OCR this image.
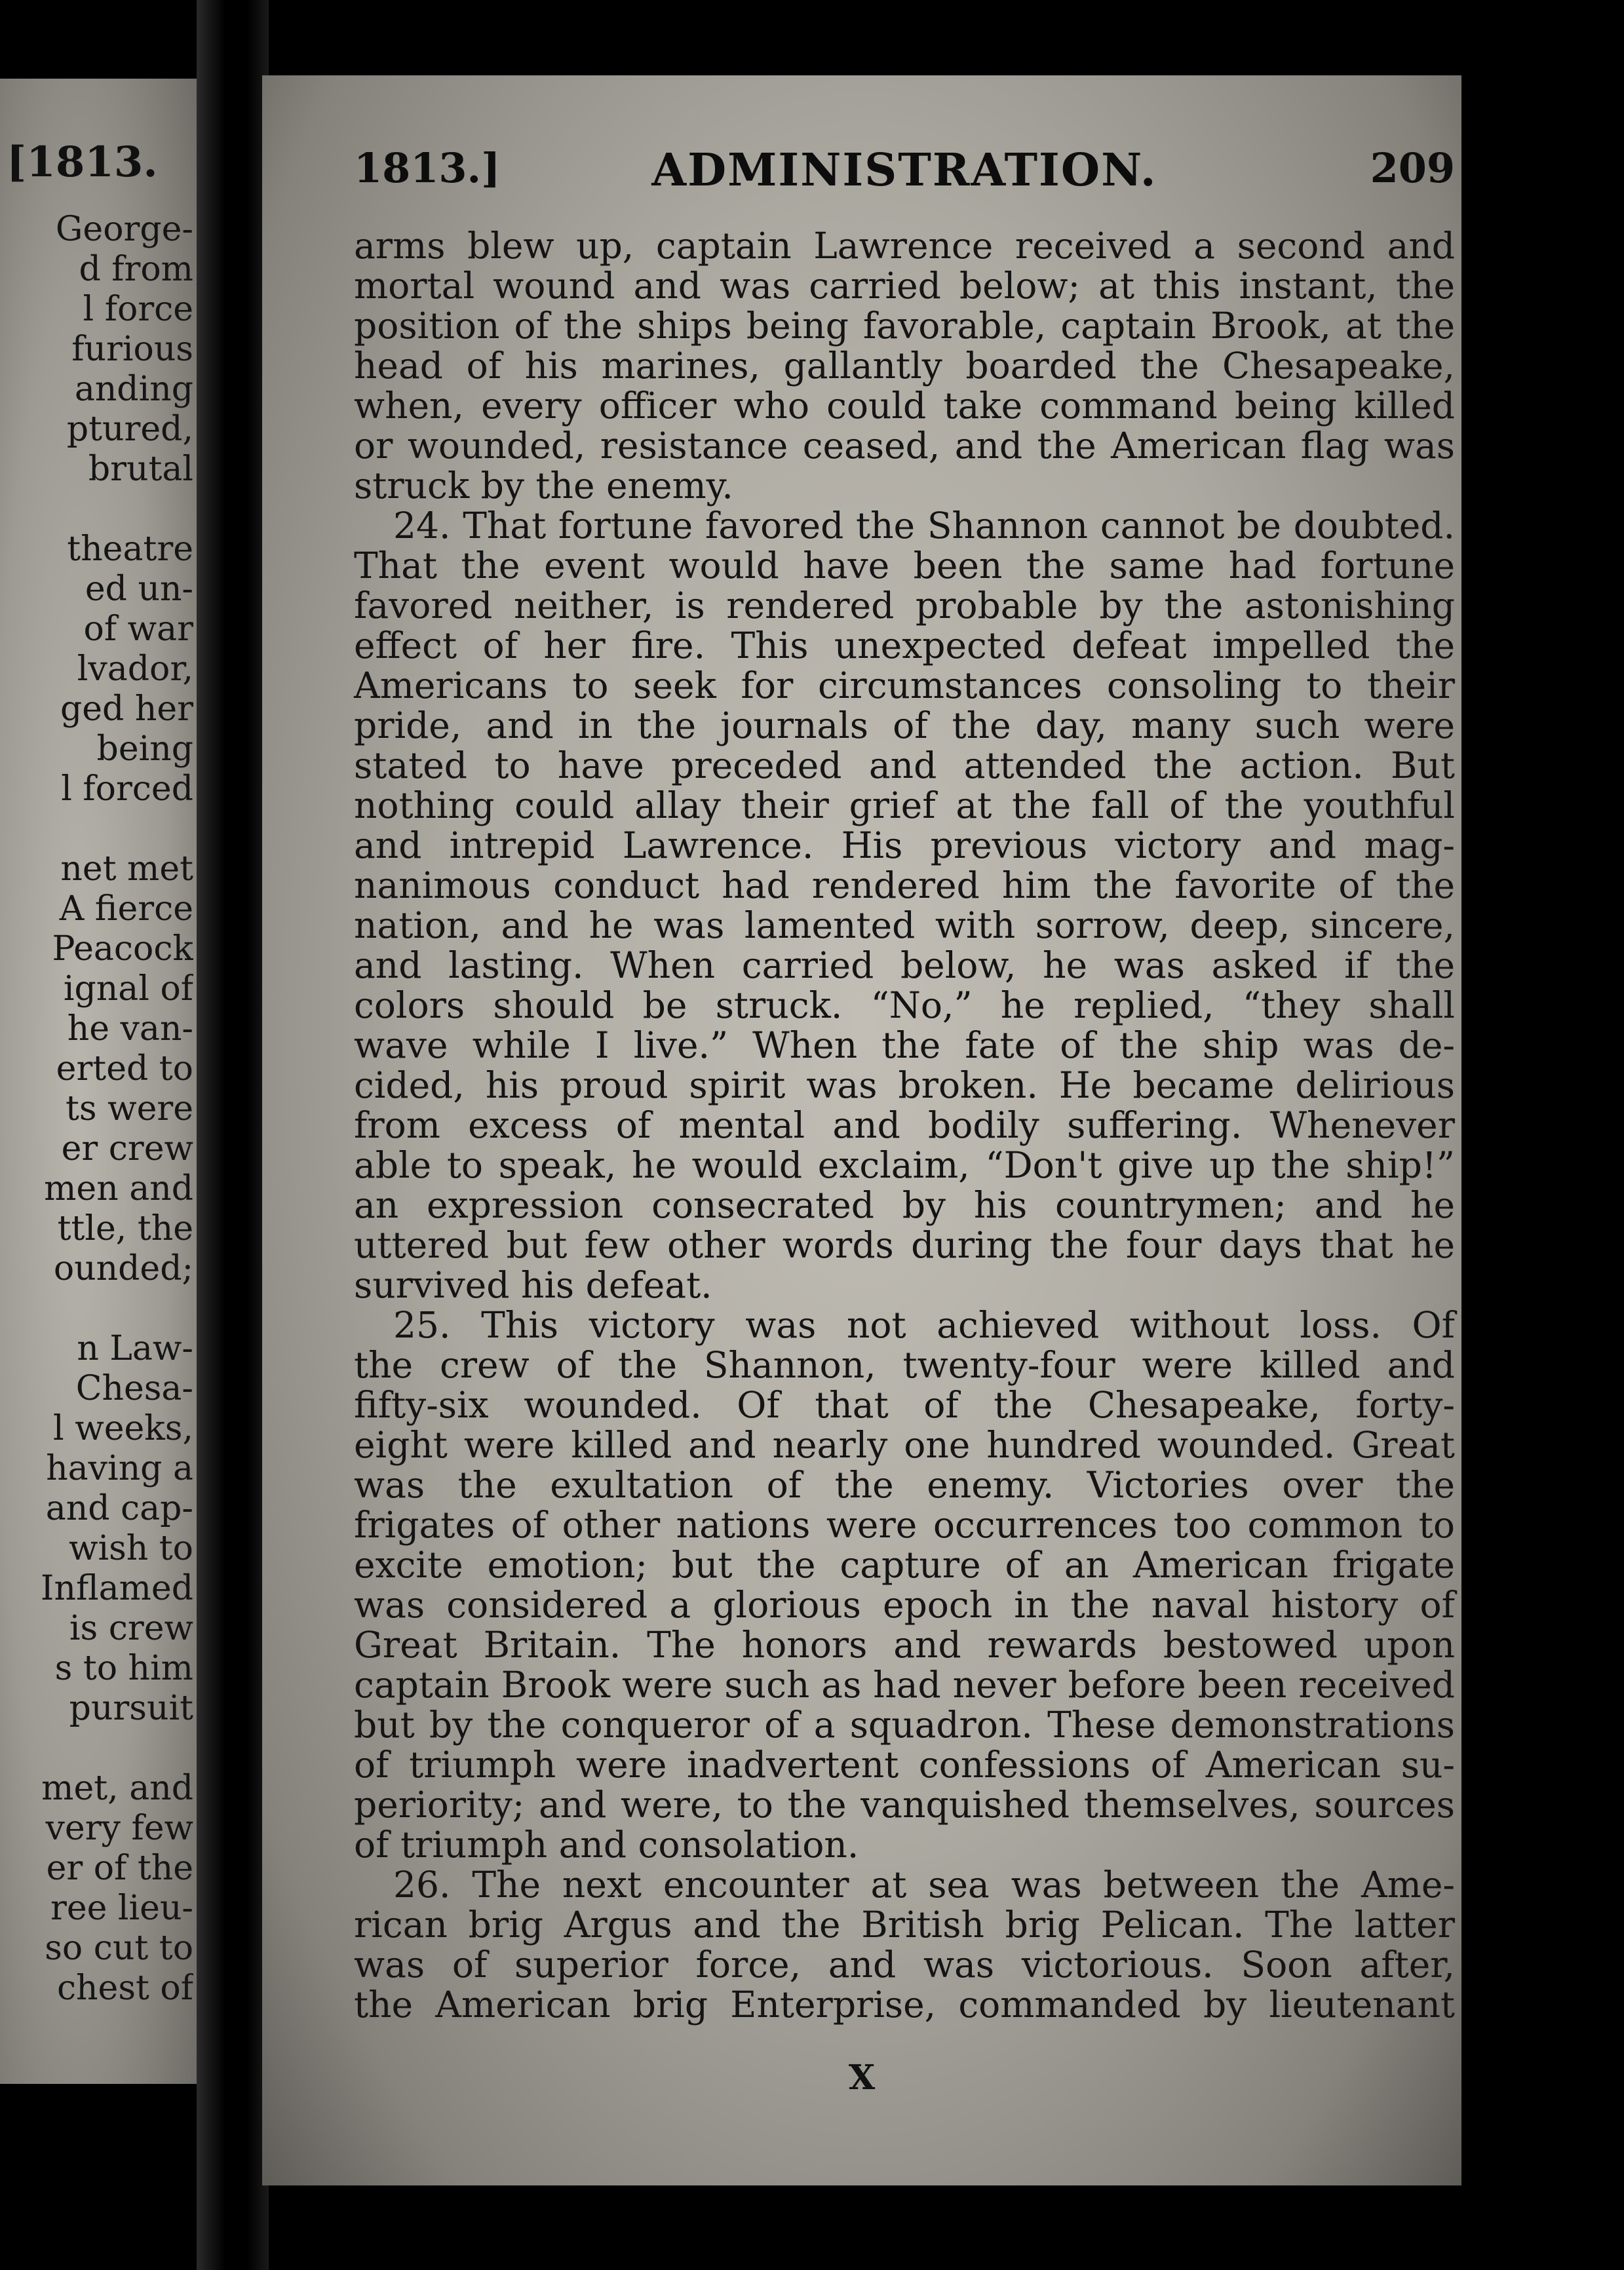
[1813.
George-
d from
l force
furious
anding
ptured,
brutal
theatre
ed un-
of war
lvador,
ged her
being
l forced
net met
A fierce
Peacock
ignal of
he van-
erted to
ts were
er crew
men and
ttle, the
ounded;
n Law-
Chesa-
l weeks,
having a
and cap-
wish to
Inflamed
is crew
s to him
pursuit
met, and
very few
er of the
ree lieu-
so cut to
chest of
1813.]	ADMINISTRATION.	209
arms blew up, captain Lawrence received a second and
mortal wound and was carried below; at this instant, the
position of the ships being favorable, captain Brook, at the
head of his marines, gallantly boarded the Chesapeake,
when, every officer who could take command being killed
or wounded, resistance ceased, and the American flag was
struck by the enemy.
24. That fortune favored the Shannon cannot be doubted.
That the event would have been the same had fortune
favored neither, is rendered probable by the astonishing
effect of her fire. This unexpected defeat impelled the
Americans to seek for circumstances consoling to their
pride, and in the journals of the day, many such were
stated to have preceded and attended the action. But
nothing could allay their grief at the fall of the youthful
and intrepid Lawrence. His previous victory and mag-
nanimous conduct had rendered him the favorite of the
nation, and he was lamented with sorrow, deep, sincere,
and lasting. When carried below, he was asked if the
colors should be struck. “No,” he replied, “they shall
wave while I live.” When the fate of the ship was de-
cided, his proud spirit was broken. He became delirious
from excess of mental and bodily suffering. Whenever
able to speak, he would exclaim, “Don't give up the ship!”
an expression consecrated by his countrymen; and he
uttered but few other words during the four days that he
survived his defeat.
25. This victory was not achieved without loss. Of
the crew of the Shannon, twenty-four were killed and
fifty-six wounded. Of that of the Chesapeake, forty-
eight were killed and nearly one hundred wounded. Great
was the exultation of the enemy. Victories over the
frigates of other nations were occurrences too common to
excite emotion; but the capture of an American frigate
was considered a glorious epoch in the naval history of
Great Britain. The honors and rewards bestowed upon
captain Brook were such as had never before been received
but by the conqueror of a squadron. These demonstrations
of triumph were inadvertent confessions of American su-
periority; and were, to the vanquished themselves, sources
of triumph and consolation.
26. The next encounter at sea was between the Ame-
rican brig Argus and the British brig Pelican. The latter
was of superior force, and was victorious. Soon after,
the American brig Enterprise, commanded by lieutenant
X
